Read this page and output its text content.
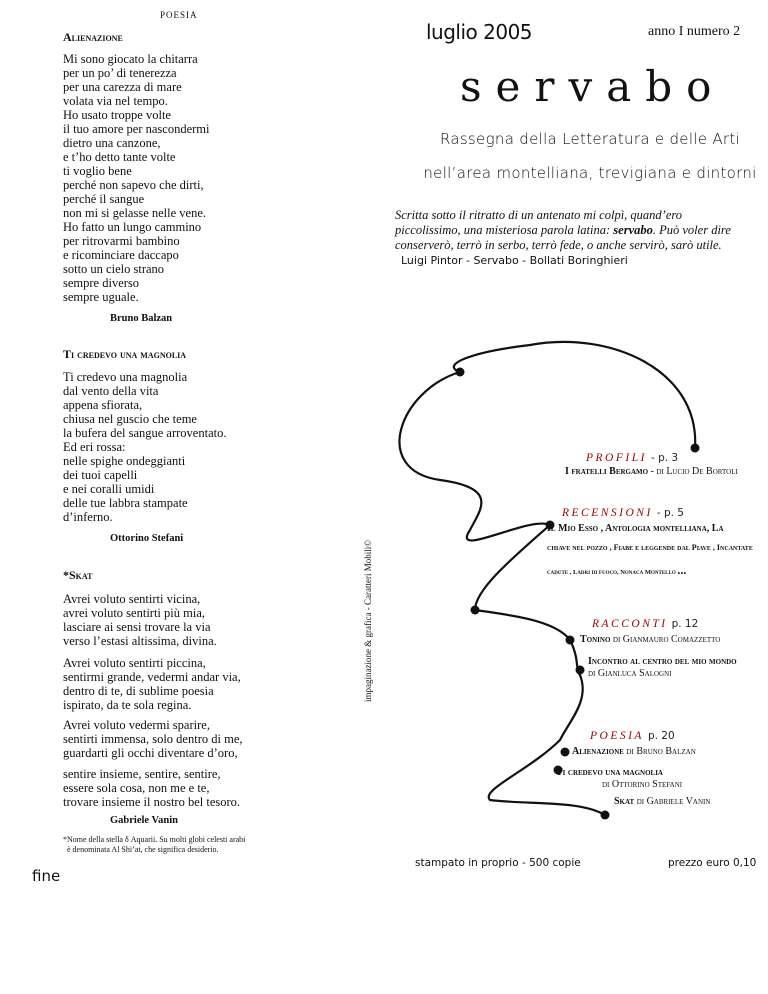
POESIA
Alienazione
Mi sono giocato la chitarra
per un po’ di tenerezza
per una carezza di mare
volata via nel tempo.
Ho usato troppe volte
il tuo amore per nascondermi
dietro una canzone,
e t’ho detto tante volte
ti voglio bene
perché non sapevo che dirti,
perché il sangue
non mi si gelasse nelle vene.
Ho fatto un lungo cammino
per ritrovarmi bambino
e ricominciare daccapo
sotto un cielo strano
sempre diverso
sempre uguale.
Bruno Balzan
Ti credevo una magnolia
Ti credevo una magnolia
dal vento della vita
appena sfiorata,
chiusa nel guscio che teme
la bufera del sangue arroventato.
Ed eri rossa:
nelle spighe ondeggianti
dei tuoi capelli
e nei coralli umidi
delle tue labbra stampate
d’inferno.
Ottorino Stefani
*Skat
Avrei voluto sentirti vicina,
avrei voluto sentirti più mia,
lasciare ai sensi trovare la via
verso l’estasi altissima, divina.
Avrei voluto sentirti piccina,
sentirmi grande, vedermi andar via,
dentro di te, di sublime poesia
ispirato, da te sola regina.
Avrei voluto vedermi sparire,
sentirti immensa, solo dentro di me,
guardarti gli occhi diventare d’oro,
sentire insieme, sentire, sentire,
essere sola cosa, non me e te,
trovare insieme il nostro bel tesoro.
Gabriele Vanin
*Nome della stella δ Aquarii. Su molti globi celesti arabi
è denominata Al Shi’at, che significa desiderio.
impaginazione & grafica - Caratteri Mobili©
luglio 2005	anno I numero 2
servabo
Rassegna della Letteratura e delle Arti
nell’area montelliana, trevigiana e dintorni
Scritta sotto il ritratto di un antenato mi colpì, quand’ero piccolissimo, una misteriosa parola latina: servabo. Può voler dire conserverò, terrò in serbo, terrò fede, o anche servirò, sarò utile. Luigi Pintor - Servabo - Bollati Boringhieri
PROFILI - p. 3
I fratelli Bergamo - di Lucio De Bortoli
RECENSIONI - p. 5
Il Mio Esso , Antologia montelliana, La
chiave nel pozzo , Fiabe e leggende dal Piave , Incantate
cadute , Ladri di fuoco, Nonaca Montello ...
RACCONTI p. 12
Tonino di Gianmauro Comazzetto
Incontro al centro del mio mondo
di Gianluca Salogni
POESIA p. 20
Alienazione di Bruno Balzan
Ti credevo una magnolia
di Ottorino Stefani
Skat di Gabriele Vanin
stampato in proprio - 500 copie	prezzo euro 0,10
fine
